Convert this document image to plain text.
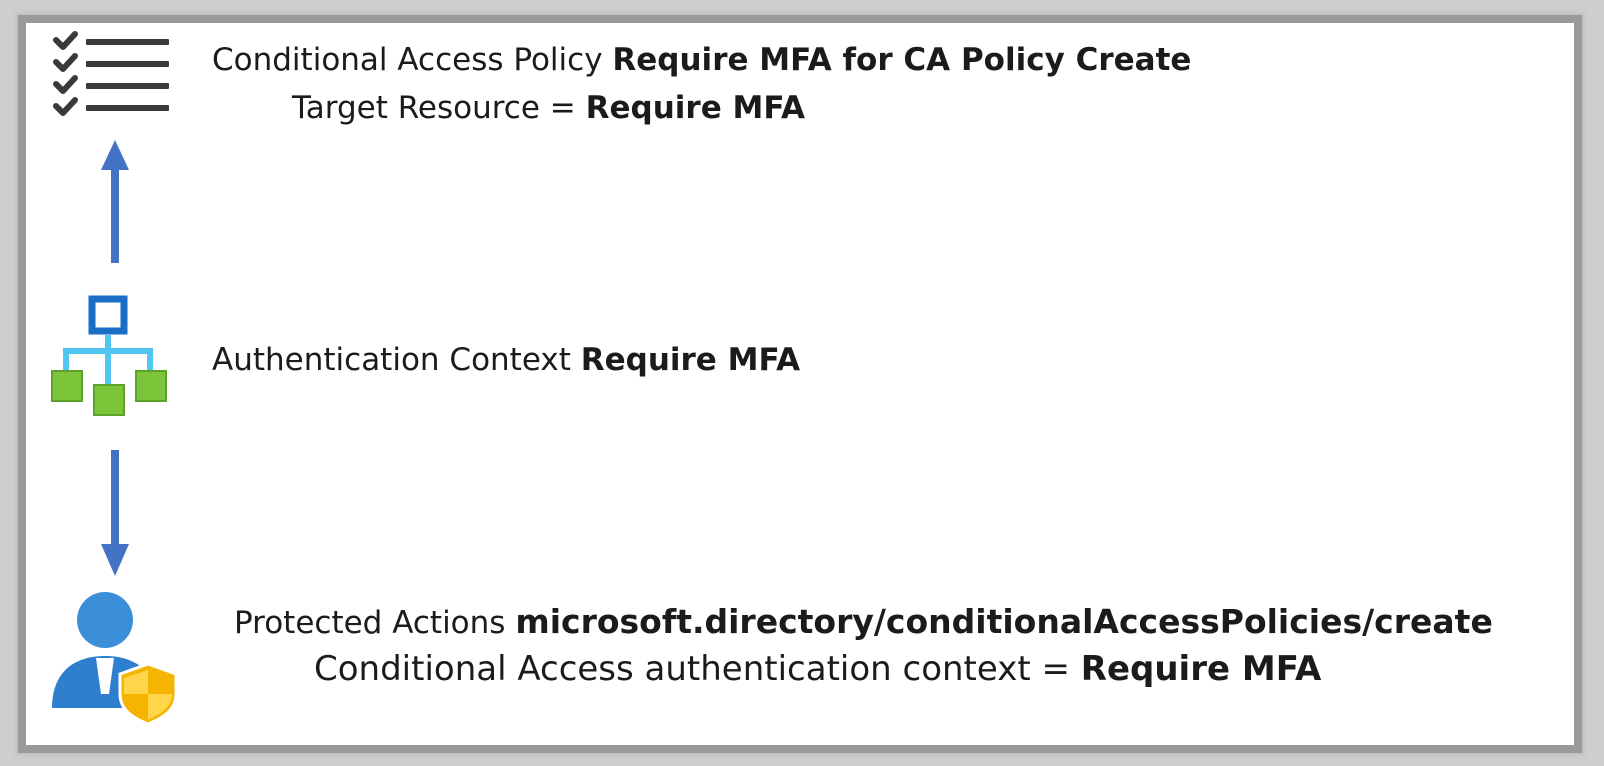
Conditional Access Policy Require MFA for CA Policy Create
Target Resource = Require MFA
Authentication Context Require MFA
Protected Actions microsoft.directory/conditionalAccessPolicies/create
Conditional Access authentication context = Require MFA
